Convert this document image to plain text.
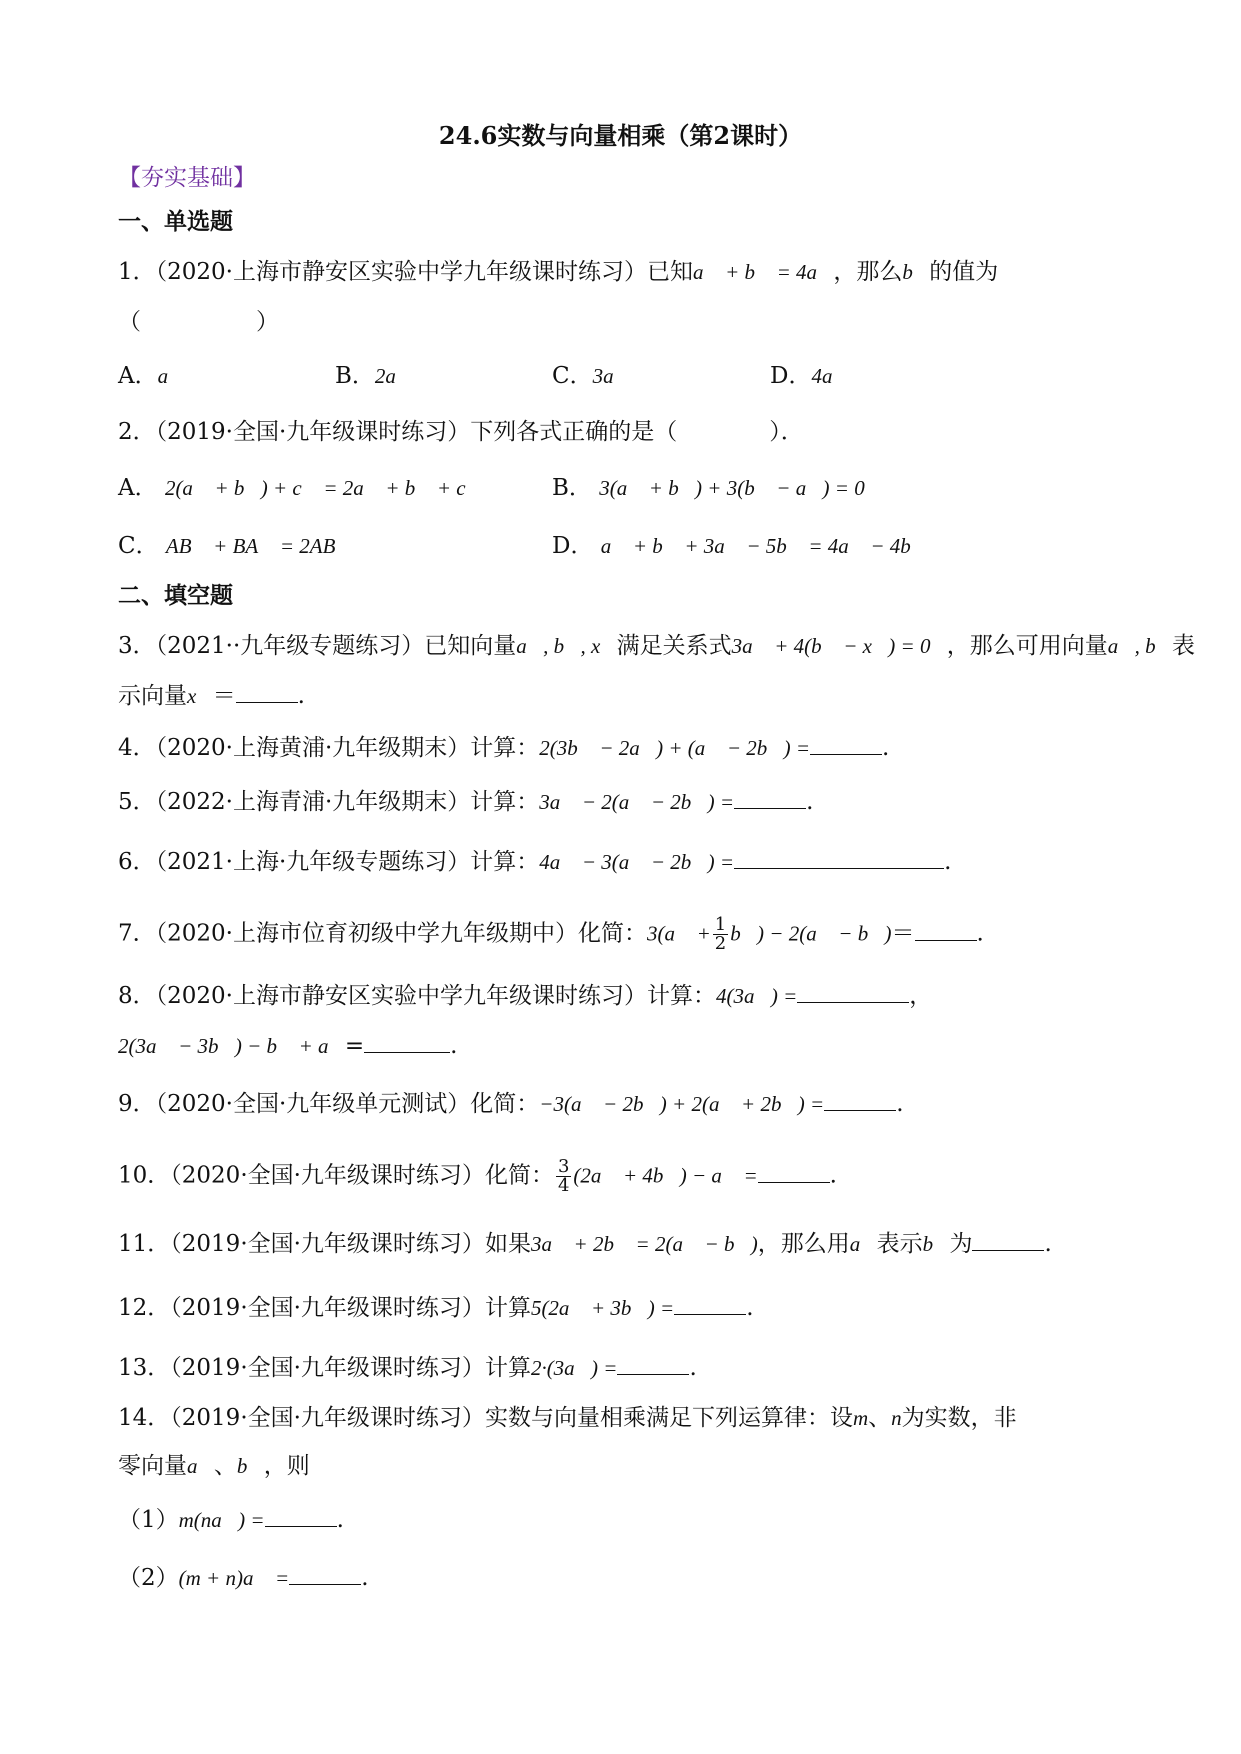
24.6实数与向量相乘（第2课时）
【夯实基础】
一、单选题
1．（2020·上海市静安区实验中学九年级课时练习）已知a⃗ + b⃗ = 4a⃗，那么b⃗的值为
（　　　　　）
A．a⃗	B．2a⃗	C．3a⃗	D．4a⃗
2．（2019·全国·九年级课时练习）下列各式正确的是（　　　　）．
A． 2(a⃗ + b⃗) + c⃗ = 2a⃗ + b⃗ + c⃗	B． 3(a⃗ + b⃗) + 3(b⃗ − a⃗) = 0
C． AB⃗ + BA⃗ = 2AB⃗	D． a⃗ + b⃗ + 3a⃗ − 5b⃗ = 4a⃗ − 4b⃗
二、填空题
3．（2021··九年级专题练习）已知向量a⃗, b⃗, x⃗满足关系式3a⃗ + 4(b⃗ − x⃗) = 0⃗，那么可用向量a⃗, b⃗表
示向量x⃗＝	.
4．（2020·上海黄浦·九年级期末）计算：2(3b⃗ − 2a⃗) + (a⃗ − 2b⃗) =	.
5．（2022·上海青浦·九年级期末）计算：3a⃗ − 2(a⃗ − 2b⃗) =	.
6．（2021·上海·九年级专题练习）计算：4a⃗ − 3(a⃗ − 2b⃗) =	.
7．（2020·上海市位育初级中学九年级期中）化简：3(a⃗ + $\frac{1}{2}$ b⃗) − 2(a⃗ − b⃗)＝	.
8．（2020·上海市静安区实验中学九年级课时练习）计算：4(3a⃗) =	，
2(3a⃗ − 3b⃗) − b⃗ + a⃗=	.
9．（2020·全国·九年级单元测试）化简：−3(a⃗ − 2b⃗) + 2(a⃗ + 2b⃗) =	.
10．（2020·全国·九年级课时练习）化简： $\frac{3}{4}$ (2a⃗ + 4b⃗) − a⃗ =	.
11．（2019·全国·九年级课时练习）如果3a⃗ + 2b⃗ = 2(a⃗ − b⃗)，那么用a⃗表示b⃗为	.
12．（2019·全国·九年级课时练习）计算5(2a⃗ + 3b⃗) =	.
13．（2019·全国·九年级课时练习）计算2·(3a⃗) =	.
14．（2019·全国·九年级课时练习）实数与向量相乘满足下列运算律：设m、n为实数，非
零向量a⃗、b⃗，则
（1）m(na⃗) =	.
（2）(m + n)a⃗ =	.
